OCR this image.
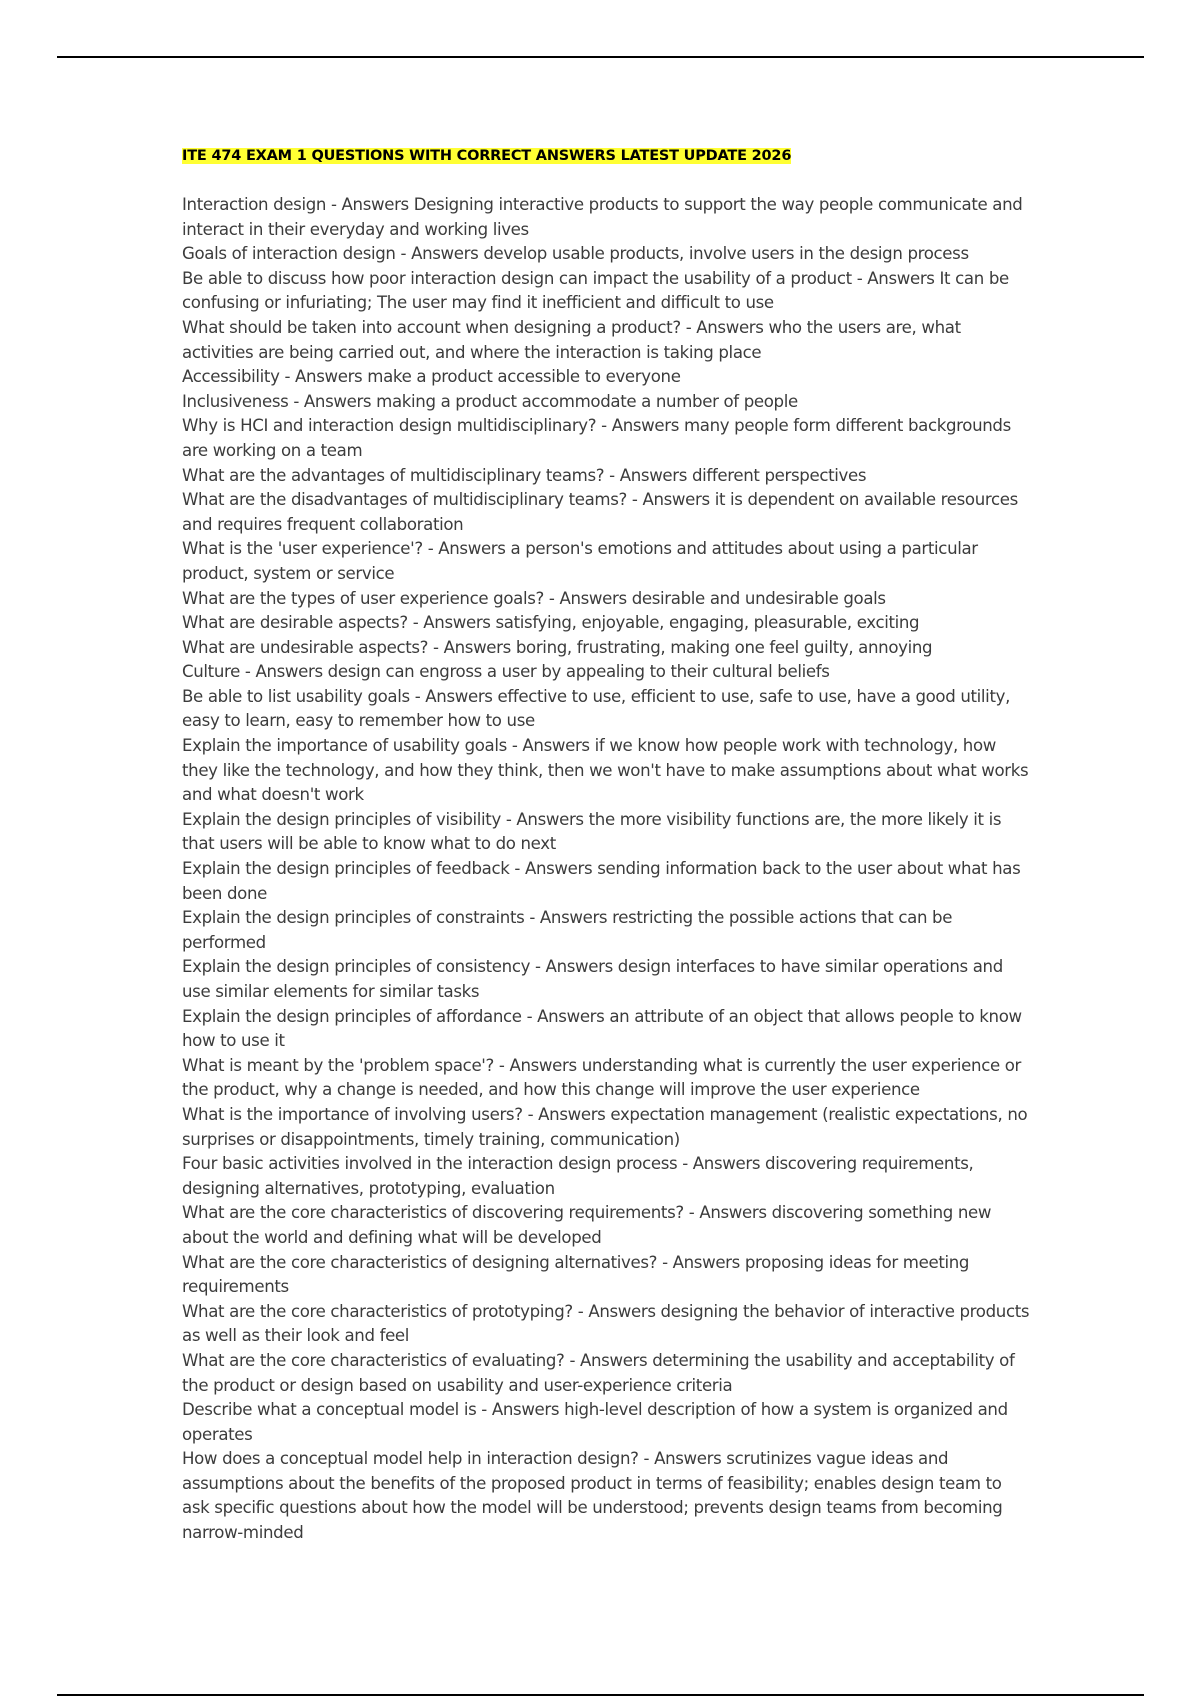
ITE 474 EXAM 1 QUESTIONS WITH CORRECT ANSWERS LATEST UPDATE 2026
Interaction design - Answers Designing interactive products to support the way people communicate and interact in their everyday and working lives
Goals of interaction design - Answers develop usable products, involve users in the design process
Be able to discuss how poor interaction design can impact the usability of a product - Answers It can be confusing or infuriating; The user may find it inefficient and difficult to use
What should be taken into account when designing a product? - Answers who the users are, what activities are being carried out, and where the interaction is taking place
Accessibility - Answers make a product accessible to everyone
Inclusiveness - Answers making a product accommodate a number of people
Why is HCI and interaction design multidisciplinary? - Answers many people form different backgrounds are working on a team
What are the advantages of multidisciplinary teams? - Answers different perspectives
What are the disadvantages of multidisciplinary teams? - Answers it is dependent on available resources and requires frequent collaboration
What is the 'user experience'? - Answers a person's emotions and attitudes about using a particular product, system or service
What are the types of user experience goals? - Answers desirable and undesirable goals
What are desirable aspects? - Answers satisfying, enjoyable, engaging, pleasurable, exciting
What are undesirable aspects? - Answers boring, frustrating, making one feel guilty, annoying
Culture - Answers design can engross a user by appealing to their cultural beliefs
Be able to list usability goals - Answers effective to use, efficient to use, safe to use, have a good utility, easy to learn, easy to remember how to use
Explain the importance of usability goals - Answers if we know how people work with technology, how they like the technology, and how they think, then we won't have to make assumptions about what works and what doesn't work
Explain the design principles of visibility - Answers the more visibility functions are, the more likely it is that users will be able to know what to do next
Explain the design principles of feedback - Answers sending information back to the user about what has been done
Explain the design principles of constraints - Answers restricting the possible actions that can be performed
Explain the design principles of consistency - Answers design interfaces to have similar operations and use similar elements for similar tasks
Explain the design principles of affordance - Answers an attribute of an object that allows people to know how to use it
What is meant by the 'problem space'? - Answers understanding what is currently the user experience or the product, why a change is needed, and how this change will improve the user experience
What is the importance of involving users? - Answers expectation management (realistic expectations, no surprises or disappointments, timely training, communication)
Four basic activities involved in the interaction design process - Answers discovering requirements, designing alternatives, prototyping, evaluation
What are the core characteristics of discovering requirements? - Answers discovering something new about the world and defining what will be developed
What are the core characteristics of designing alternatives? - Answers proposing ideas for meeting requirements
What are the core characteristics of prototyping? - Answers designing the behavior of interactive products as well as their look and feel
What are the core characteristics of evaluating? - Answers determining the usability and acceptability of the product or design based on usability and user-experience criteria
Describe what a conceptual model is - Answers high-level description of how a system is organized and operates
How does a conceptual model help in interaction design? - Answers scrutinizes vague ideas and assumptions about the benefits of the proposed product in terms of feasibility; enables design team to ask specific questions about how the model will be understood; prevents design teams from becoming narrow-minded
